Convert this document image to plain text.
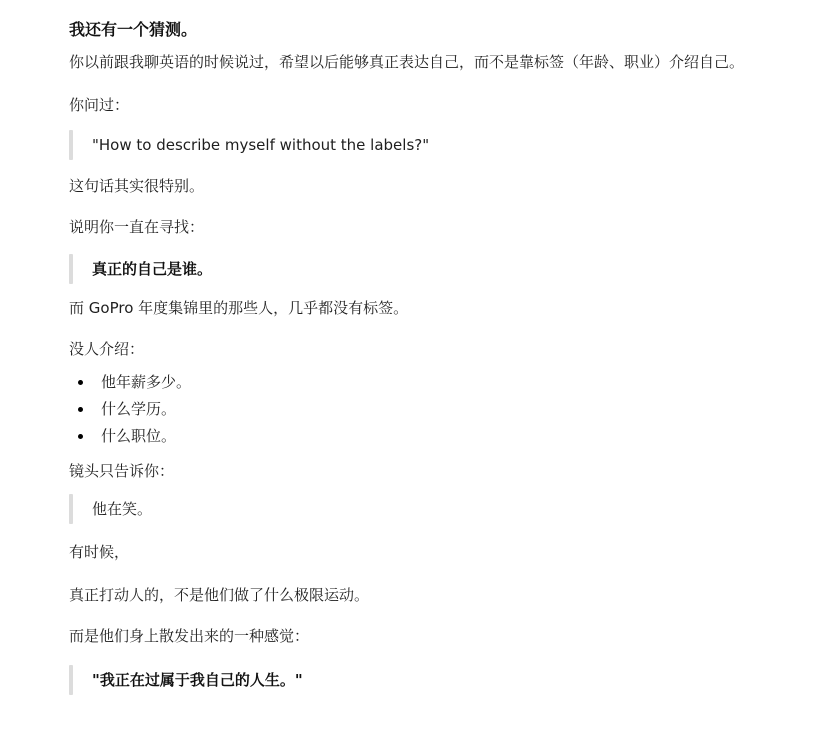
我还有一个猜测。
你以前跟我聊英语的时候说过，希望以后能够真正表达自己，而不是靠标签（年龄、职业）介绍自己。
你问过：
"How to describe myself without the labels?"
这句话其实很特别。
说明你一直在寻找：
真正的自己是谁。
而 GoPro 年度集锦里的那些人，几乎都没有标签。
没人介绍：
他年薪多少。
什么学历。
什么职位。
镜头只告诉你：
他在笑。
有时候，
真正打动人的，不是他们做了什么极限运动。
而是他们身上散发出来的一种感觉：
"我正在过属于我自己的人生。"
